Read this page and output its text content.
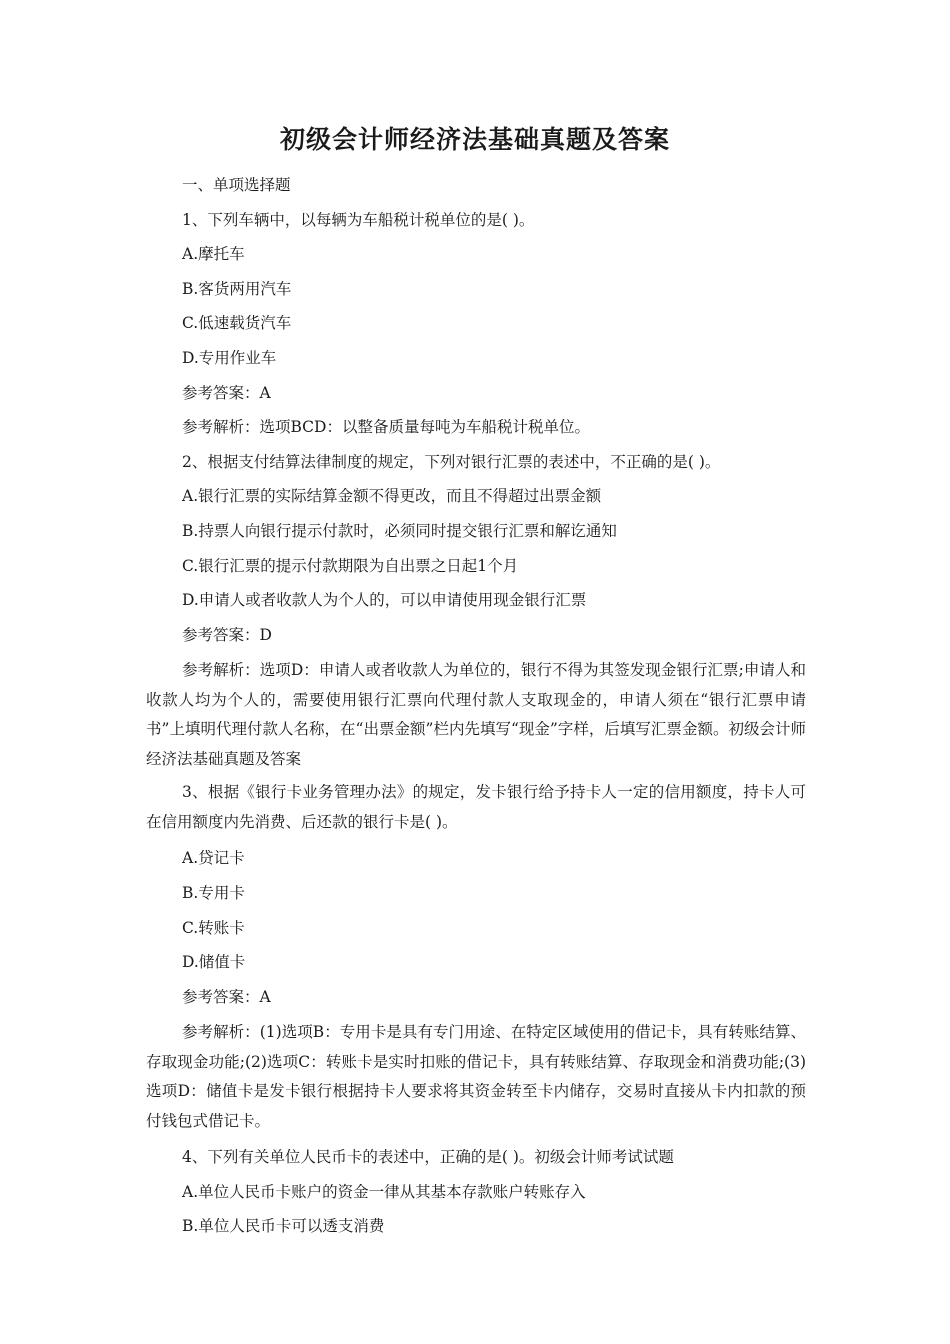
初级会计师经济法基础真题及答案

一、单项选择题

1、下列车辆中，以每辆为车船税计税单位的是( )。

A.摩托车

B.客货两用汽车

C.低速载货汽车

D.专用作业车

参考答案：A

参考解析：选项BCD：以整备质量每吨为车船税计税单位。

2、根据支付结算法律制度的规定，下列对银行汇票的表述中，不正确的是( )。

A.银行汇票的实际结算金额不得更改，而且不得超过出票金额

B.持票人向银行提示付款时，必须同时提交银行汇票和解讫通知

C.银行汇票的提示付款期限为自出票之日起1个月

D.申请人或者收款人为个人的，可以申请使用现金银行汇票

参考答案：D

参考解析：选项D：申请人或者收款人为单位的，银行不得为其签发现金银行汇票;申请人和收款人均为个人的，需要使用银行汇票向代理付款人支取现金的，申请人须在“银行汇票申请书”上填明代理付款人名称，在“出票金额”栏内先填写“现金”字样，后填写汇票金额。初级会计师经济法基础真题及答案

3、根据《银行卡业务管理办法》的规定，发卡银行给予持卡人一定的信用额度，持卡人可在信用额度内先消费、后还款的银行卡是( )。

A.贷记卡

B.专用卡

C.转账卡

D.储值卡

参考答案：A

参考解析：(1)选项B：专用卡是具有专门用途、在特定区域使用的借记卡，具有转账结算、存取现金功能;(2)选项C：转账卡是实时扣账的借记卡，具有转账结算、存取现金和消费功能;(3)选项D：储值卡是发卡银行根据持卡人要求将其资金转至卡内储存，交易时直接从卡内扣款的预付钱包式借记卡。

4、下列有关单位人民币卡的表述中，正确的是( )。初级会计师考试试题

A.单位人民币卡账户的资金一律从其基本存款账户转账存入

B.单位人民币卡可以透支消费
